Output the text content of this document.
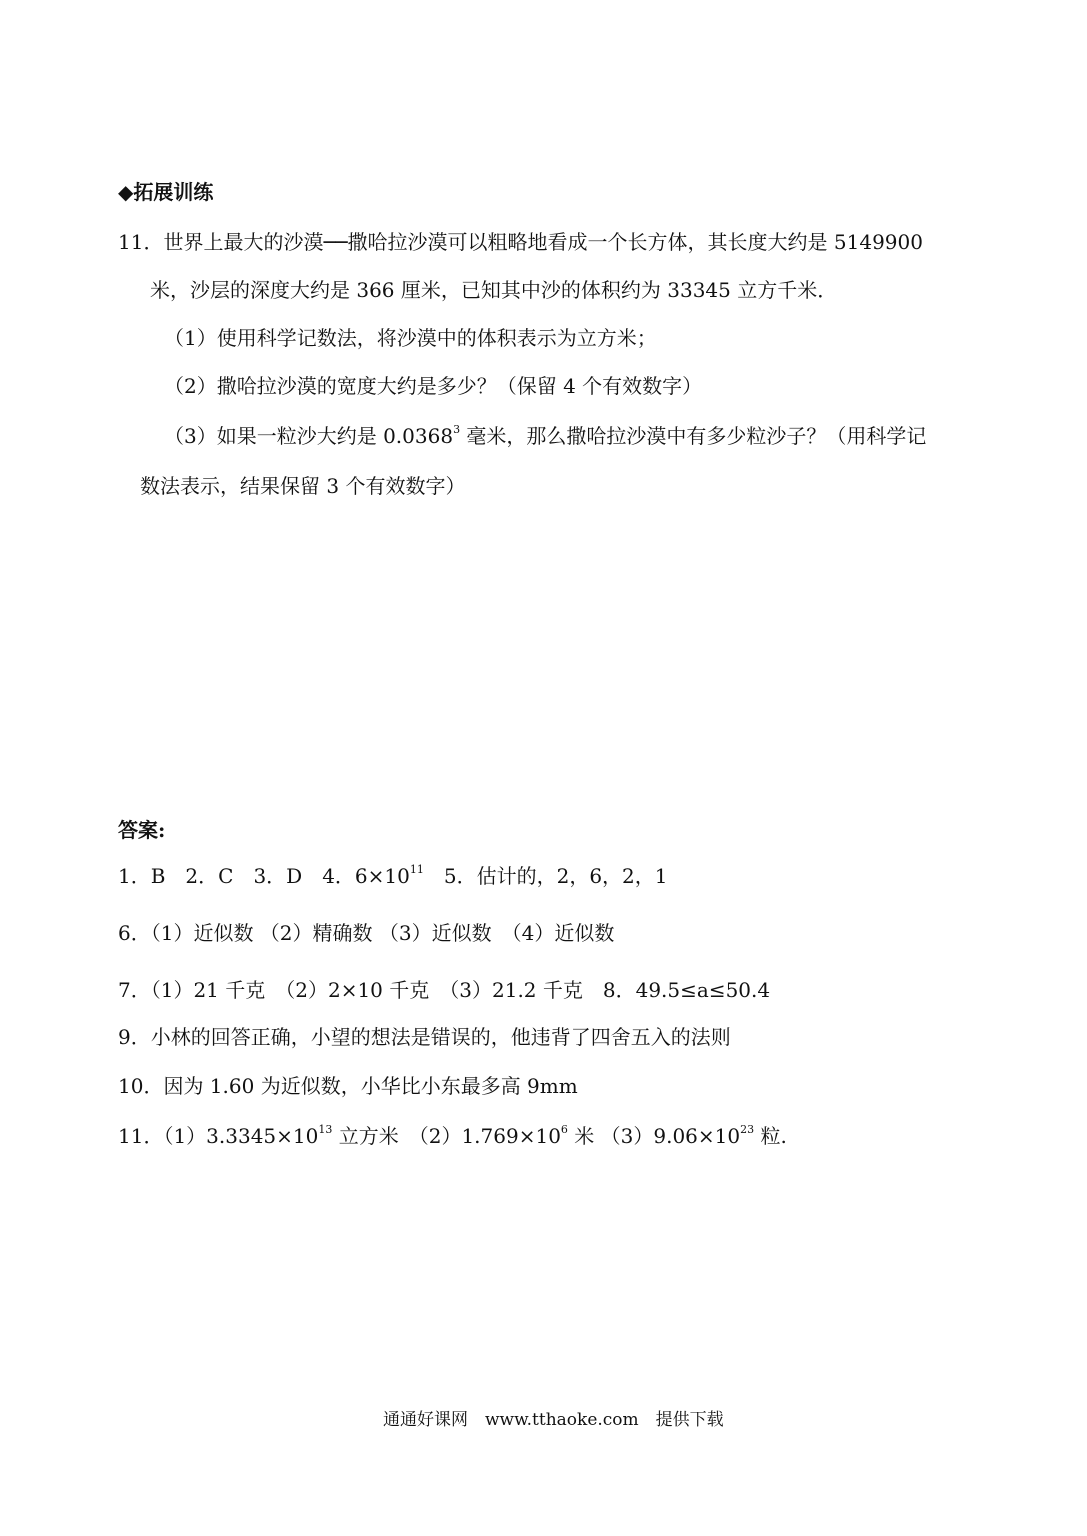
◆拓展训练
11．世界上最大的沙漠──撒哈拉沙漠可以粗略地看成一个长方体，其长度大约是 5149900
米，沙层的深度大约是 366 厘米，已知其中沙的体积约为 33345 立方千米．
（1）使用科学记数法，将沙漠中的体积表示为立方米；
（2）撒哈拉沙漠的宽度大约是多少？（保留 4 个有效数字）
（3）如果一粒沙大约是 0.0368$^3$ 毫米，那么撒哈拉沙漠中有多少粒沙子？（用科学记
数法表示，结果保留 3 个有效数字）
答案:
1．B　2．C　3．D　4．$6\times 10^{11}$　5．估计的，2，6，2，1
6．（1）近似数 （2）精确数 （3）近似数　（4）近似数
7．（1）21 千克　（2）2×10 千克　（3）21.2 千克　8．49.5≤a≤50.4
9．小林的回答正确，小望的想法是错误的，他违背了四舍五入的法则
10．因为 1.60 为近似数，小华比小东最多高 9mm
11．$(1)3.3345\times 10^{13}$ 立方米　$(2)1.769\times 10^6$ 米 $(3)9.06\times 10^{23}$ 粒.
通通好课网　www.tthaoke.com　提供下载
